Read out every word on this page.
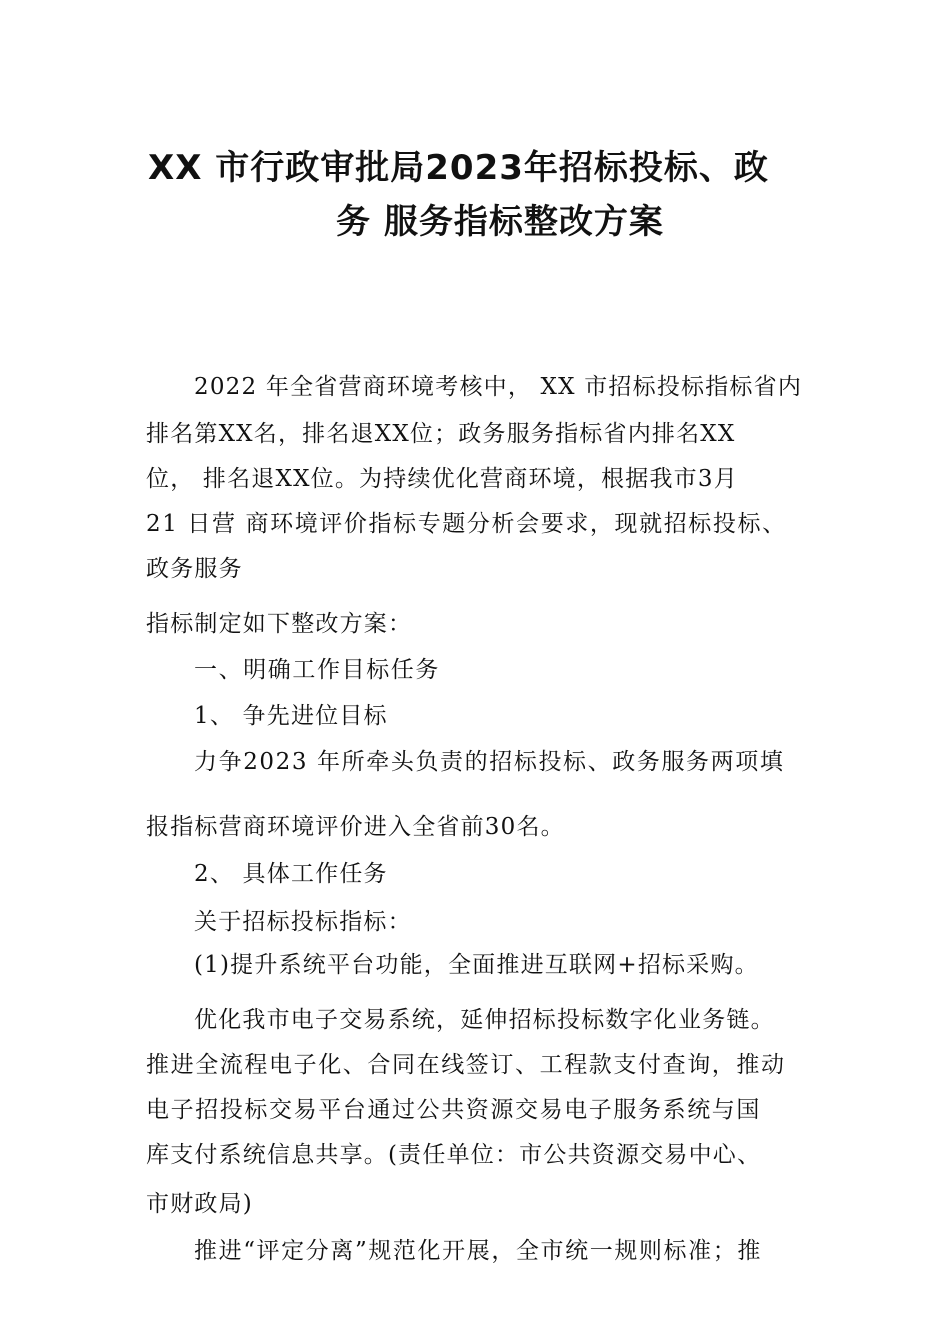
XX 市行政审批局2023年招标投标、政
务 服务指标整改方案
2022 年全省营商环境考核中， XX 市招标投标指标省内
排名第XX名，排名退XX位；政务服务指标省内排名XX
位， 排名退XX位。为持续优化营商环境，根据我市3月
21 日营 商环境评价指标专题分析会要求，现就招标投标、
政务服务
指标制定如下整改方案：
一、明确工作目标任务
1、 争先进位目标
力争2023 年所牵头负责的招标投标、政务服务两项填
报指标营商环境评价进入全省前30名。
2、 具体工作任务
关于招标投标指标：
(1)提升系统平台功能，全面推进互联网+招标采购。
优化我市电子交易系统，延伸招标投标数字化业务链。
推进全流程电子化、合同在线签订、工程款支付查询，推动
电子招投标交易平台通过公共资源交易电子服务系统与国
库支付系统信息共享。(责任单位：市公共资源交易中心、
市财政局)
推进“评定分离”规范化开展，全市统一规则标准；推
